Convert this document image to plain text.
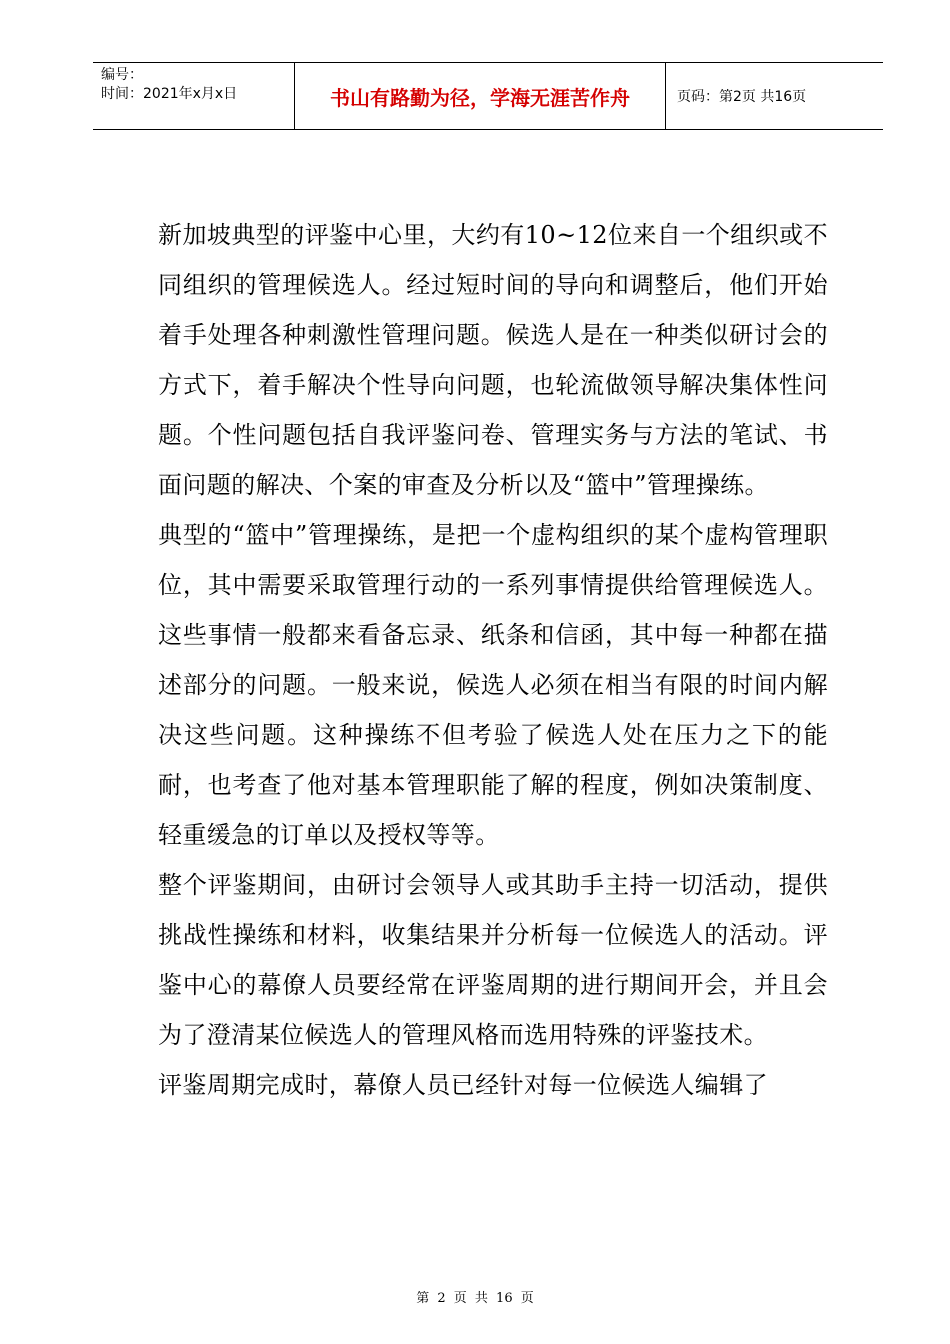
编号：
时间：2021年x月x日	书山有路勤为径，学海无涯苦作舟	页码：第2页 共16页

新加坡典型的评鉴中心里，大约有10~12位来自一个组织或不同组织的管理候选人。经过短时间的导向和调整后，他们开始着手处理各种刺激性管理问题。候选人是在一种类似研讨会的方式下，着手解决个性导向问题，也轮流做领导解决集体性问题。个性问题包括自我评鉴问卷、管理实务与方法的笔试、书面问题的解决、个案的审查及分析以及“篮中”管理操练。

典型的“篮中”管理操练，是把一个虚构组织的某个虚构管理职位，其中需要采取管理行动的一系列事情提供给管理候选人。这些事情一般都来看备忘录、纸条和信函，其中每一种都在描述部分的问题。一般来说，候选人必须在相当有限的时间内解决这些问题。这种操练不但考验了候选人处在压力之下的能耐，也考查了他对基本管理职能了解的程度，例如决策制度、轻重缓急的订单以及授权等等。

整个评鉴期间，由研讨会领导人或其助手主持一切活动，提供挑战性操练和材料，收集结果并分析每一位候选人的活动。评鉴中心的幕僚人员要经常在评鉴周期的进行期间开会，并且会为了澄清某位候选人的管理风格而选用特殊的评鉴技术。

评鉴周期完成时，幕僚人员已经针对每一位候选人编辑了

第 2 页 共 16 页
